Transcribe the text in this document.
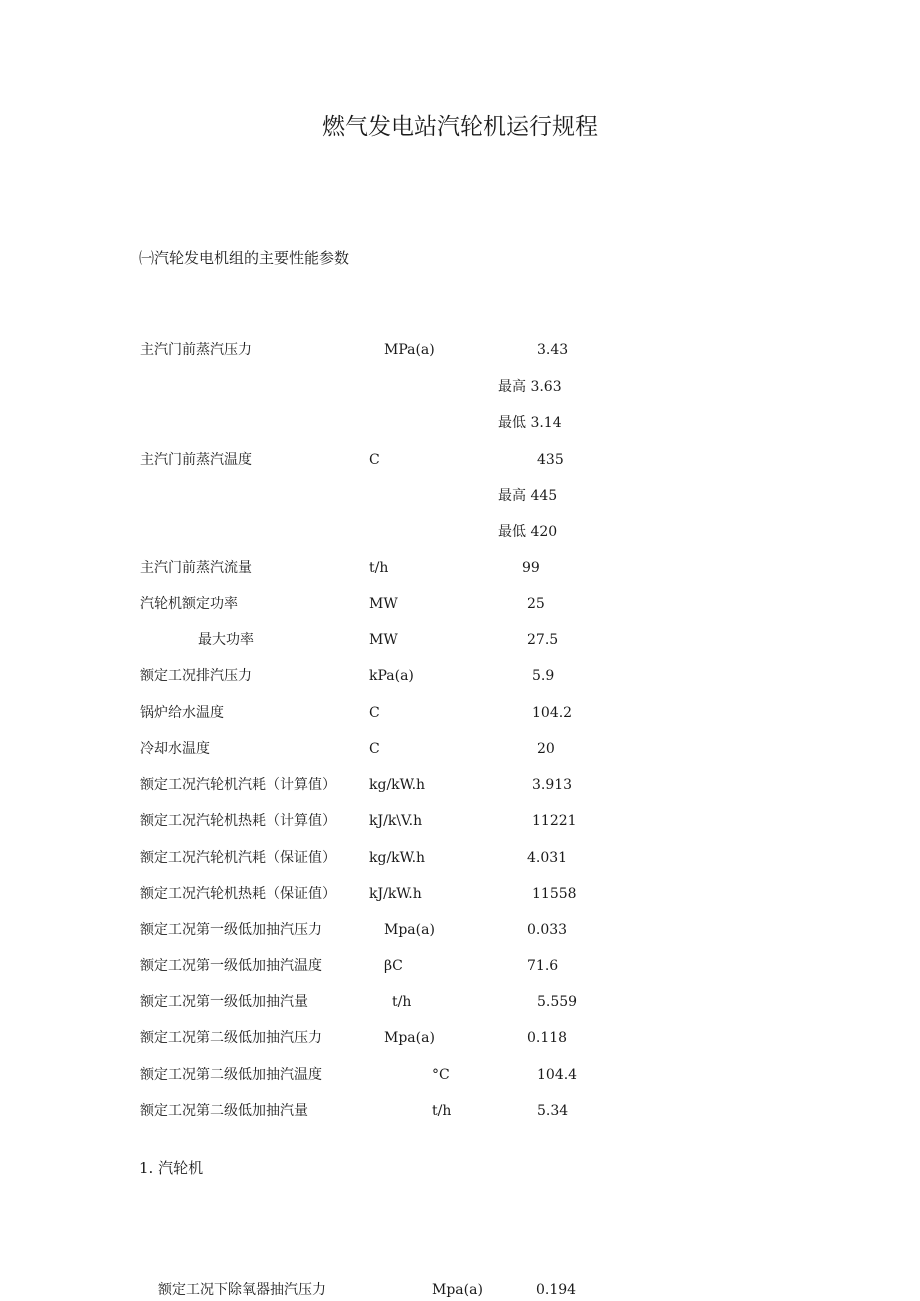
燃气发电站汽轮机运行规程
㈠汽轮发电机组的主要性能参数
主汽门前蒸汽压力	MPa(a)	3.43
最高 3.63
最低 3.14
主汽门前蒸汽温度	C	435
最高 445
最低 420
主汽门前蒸汽流量	t/h	99
汽轮机额定功率	MW	25
最大功率	MW	27.5
额定工况排汽压力	kPa(a)	5.9
锅炉给水温度	C	104.2
冷却水温度	C	20
额定工况汽轮机汽耗（计算值） kg/kW.h	3.913
额定工况汽轮机热耗（计算值） kJ/k\V.h	11221
额定工况汽轮机汽耗（保证值） kg/kW.h	4.031
额定工况汽轮机热耗（保证值） kJ/kW.h	11558
额定工况第一级低加抽汽压力	Mpa(a)	0.033
额定工况第一级低加抽汽温度	βC	71.6
额定工况第一级低加抽汽量	t/h	5.559
额定工况第二级低加抽汽压力	Mpa(a)	0.118
额定工况第二级低加抽汽温度	°C	104.4
额定工况第二级低加抽汽量	t/h	5.34
1. 汽轮机
额定工况下除氧器抽汽压力	Mpa(a)	0.194
